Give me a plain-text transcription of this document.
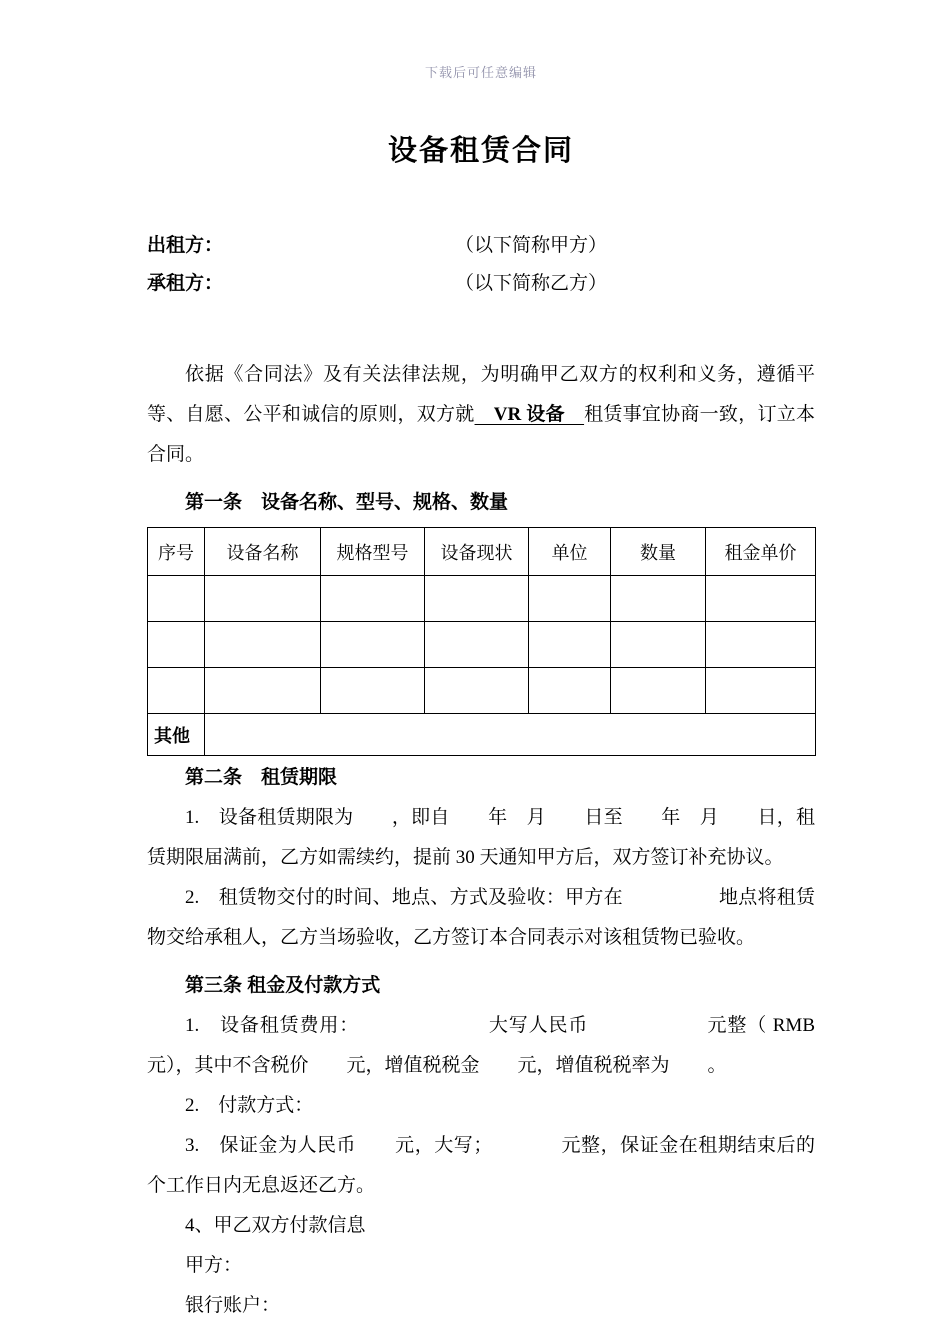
下载后可任意编辑
设备租赁合同
出租方：	（以下简称甲方）
承租方：	（以下简称乙方）

依据《合同法》及有关法律法规，为明确甲乙双方的权利和义务，遵循平等、自愿、公平和诚信的原则，双方就　VR 设备　租赁事宜协商一致，订立本合同。

第一条　设备名称、型号、规格、数量

序号	设备名称	规格型号	设备现状	单位	数量	租金单价

其他						

第二条　租赁期限

1.　设备租赁期限为　　，即自　　年　月　　日至　　年　月　　日，租赁期限届满前，乙方如需续约，提前 30 天通知甲方后，双方签订补充协议。

2.　租赁物交付的时间、地点、方式及验收：甲方在　　　　　地点将租赁物交给承租人，乙方当场验收，乙方签订本合同表示对该租赁物已验收。

第三条 租金及付款方式

1.　设备租赁费用：　　　　　　　大写人民币　　　　　　元整（ RMB 元），其中不含税价　　元，增值税税金　　元，增值税税率为　　。

2.　付款方式：

3.　保证金为人民币　　元，大写；　　　　元整，保证金在租期结束后的　个工作日内无息返还乙方。

4、甲乙双方付款信息

甲方：

银行账户：
